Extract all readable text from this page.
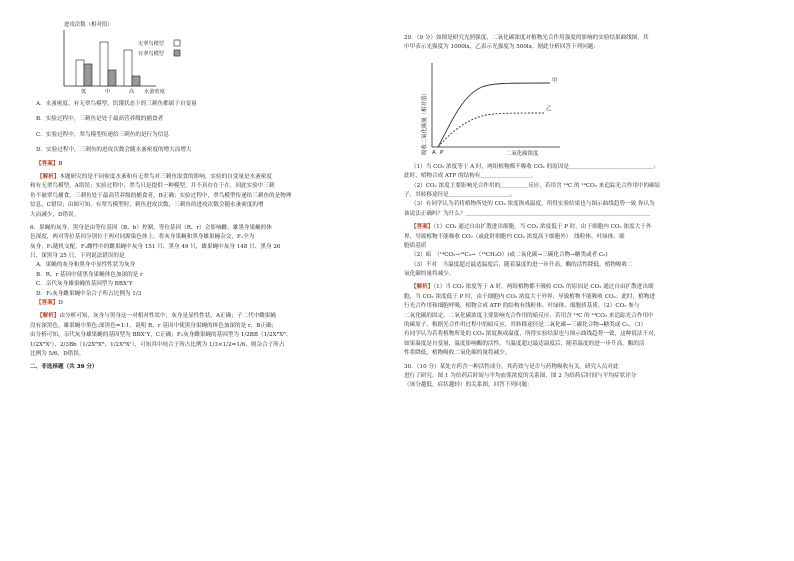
进攻次数（相对值）
无翠鸟模型
有翠鸟模型
低	中	高 水蚤密度
A．水蚤密度、有无翠鸟模型、饥饿状态下的三刺鱼都属于自变量
B．实验过程中，三刺鱼是处于最高营养级的捕食者
C．实验过程中，翠鸟模型传递给三刺鱼的是行为信息
D．实验过程中，三刺鱼的进攻次数会随水蚤密度的增大而增大
【答案】B
【解析】本题研究的是不同密度水蚤和有无翠鸟对三刺鱼取食的影响，实验的自变量是水蚤密度
和有无翠鸟模型，A错误；实验过程中，翠鸟只是提供一种模型，并不真存在于在，因此实验中三刺
鱼不被翠鸟捕食，三刺鱼处于最高营养级的捕食者，B正确；实验过程中，翠鸟模型传递给三刺鱼的是物理
信息，C错误；由图可知，有翠鸟模型时，刺鱼进攻次数，三刺鱼的进攻次数会随水蚤密度的增
大而减少，D错误。
6．果蝇的灰身、黑身是由等位基因（B、b）控制，等位基因（R、r）会影响雌、雄黑身果蝇的体
色深度，两对等位基因分别位于两对同源染色体上。将灰身果蝇和黑身雄果蝇杂交，F₁全为
灰身，F₁随机交配，F₂雌性中的雌果蝇中灰身 151 只、黑身 49 只，雄果蝇中灰身 148 只、黑身 26
只、深黑身 25 只。下列说法错误的是
A．果蝇的灰身和黑身中显性性状为灰身
B．R、r 基因中使黑身果蝇体色加深的是 r
C．亲代灰身雄果蝇的基因型为 BBXʳY
D．F₂灰身雌果蝇中杂合子所占比例为 1/3
【答案】D
【解析】由分析可知，灰身与黑身这一对相对性状中，灰身是显性性状，A正确；子二代中雌果蝇
没有深黑色，雄果蝇中黑色:深黑色=1:1，说明 R、r 基因中使黑身果蝇的体色加深的是 r，B正确；
由分析可知，亲代灰身雄果蝇的基因型为 BBXʳY，C正确；F₂灰身雌果蝇的基因型为 1/2BB（1/2XᴿXᴿ、
1/2XᴿXʳ）、2/3Bb（1/2XᴿXᴿ、1/2XᴿXʳ），可知其中纯合子所占比例为 1/3×1/2=1/6，则杂合子所占
比例为 5/6，D错误。
二、非选择题（共 39 分）
29．（9 分）如图是研究光照强度、二氧化碳浓度对植物光合作用强度的影响的实验结果曲线图，其
中甲表示光强度为 1000lx，乙表示光强度为 500lx。据此分析回答下列问题：
吸收二氧化碳量（相对值）
甲
乙
A P	二氧化碳浓度
（1）当 CO₂ 浓度等于 A 时，两组植物都不吸收 CO₂ 的原因是＿＿＿＿＿＿＿＿＿＿＿＿＿＿＿；
此时，植物合成 ATP 的结构有＿＿＿＿＿＿＿＿＿。
（2）CO₂ 浓度主要影响光合作用的＿＿＿＿＿反应，若用含 ¹⁴C 的 ¹⁴CO₂ 来追踪光合作用中的碳原
子，其转移途径是＿＿＿＿＿＿＿＿＿＿＿。
（3）有同学认为若将植物所处的 CO₂ 浓度换成温度，所得实验结果也与图示曲线趋势一致 你认为
该说法正确吗？为什么？＿＿＿＿＿＿＿＿＿＿＿＿＿＿＿＿＿＿＿＿＿＿＿＿＿＿＿＿＿＿＿＿＿
【答案】（1）CO₂ 通过自由扩散进出细胞，当 CO₂ 浓度低于 P 时，由于细胞内 CO₂ 浓度大于外
界，导致植物不能吸收 CO₂（或此时细胞内 CO₂ 浓度高于细胞外）　线粒体、叶绿体、细
胞质基质
（2）暗　（¹⁴CO₂→¹⁴C₃→（¹⁴CH₂O）(或二氧化碳→三碳化合物→糖类或者 C₅)
（3）不对　当温度超过最适温度后，随着温度的进一步升高，酶的活性降低，植物吸收二
氧化碳的量将减少。
【解析】（1）当 CO₂ 浓度等于 A 时，两组植物都不吸收 CO₂ 的原因是 CO₂ 通过自由扩散进出细
胞，当 CO₂ 浓度低于 P 时，由于细胞内 CO₂ 浓度大于外界，导致植物不能吸收 CO₂；此时，植物进
行光合作用和细胞呼吸，植物合成 ATP 的结构有线粒体、叶绿体、细胞质基质。（2）CO₂ 参与
二氧化碳的固定，二氧化碳浓度主要影响光合作用的暗反应，若用含 ¹⁴C 的 ¹⁴CO₂ 来追踪光合作用中
的碳原子，根据光合作用过程中的暗反应，其转移途径是二氧化碳→三碳化合物→糖类或 C₅。（3）
有同学认为若将植物所处的 CO₂ 浓度换成温度，所得实验结果也与图示曲线趋势一致，这种说法不对，
如果温度是自变量，温度影响酶的活性，当温度超过最适温度后，随着温度的进一步升高，酶的活
性将降低，植物吸收二氧化碳的量将减少。
30．（10 分）某处方药含一种活性成分，其药效与是否与药物吸收有关。研究人员对此
进行了研究。图 1 为给药后时间与平均血浆浓度的关系图，图 2 为给药后时间与平均症状评分
（该分越低，症状越轻）的关系图。回答下列问题：
